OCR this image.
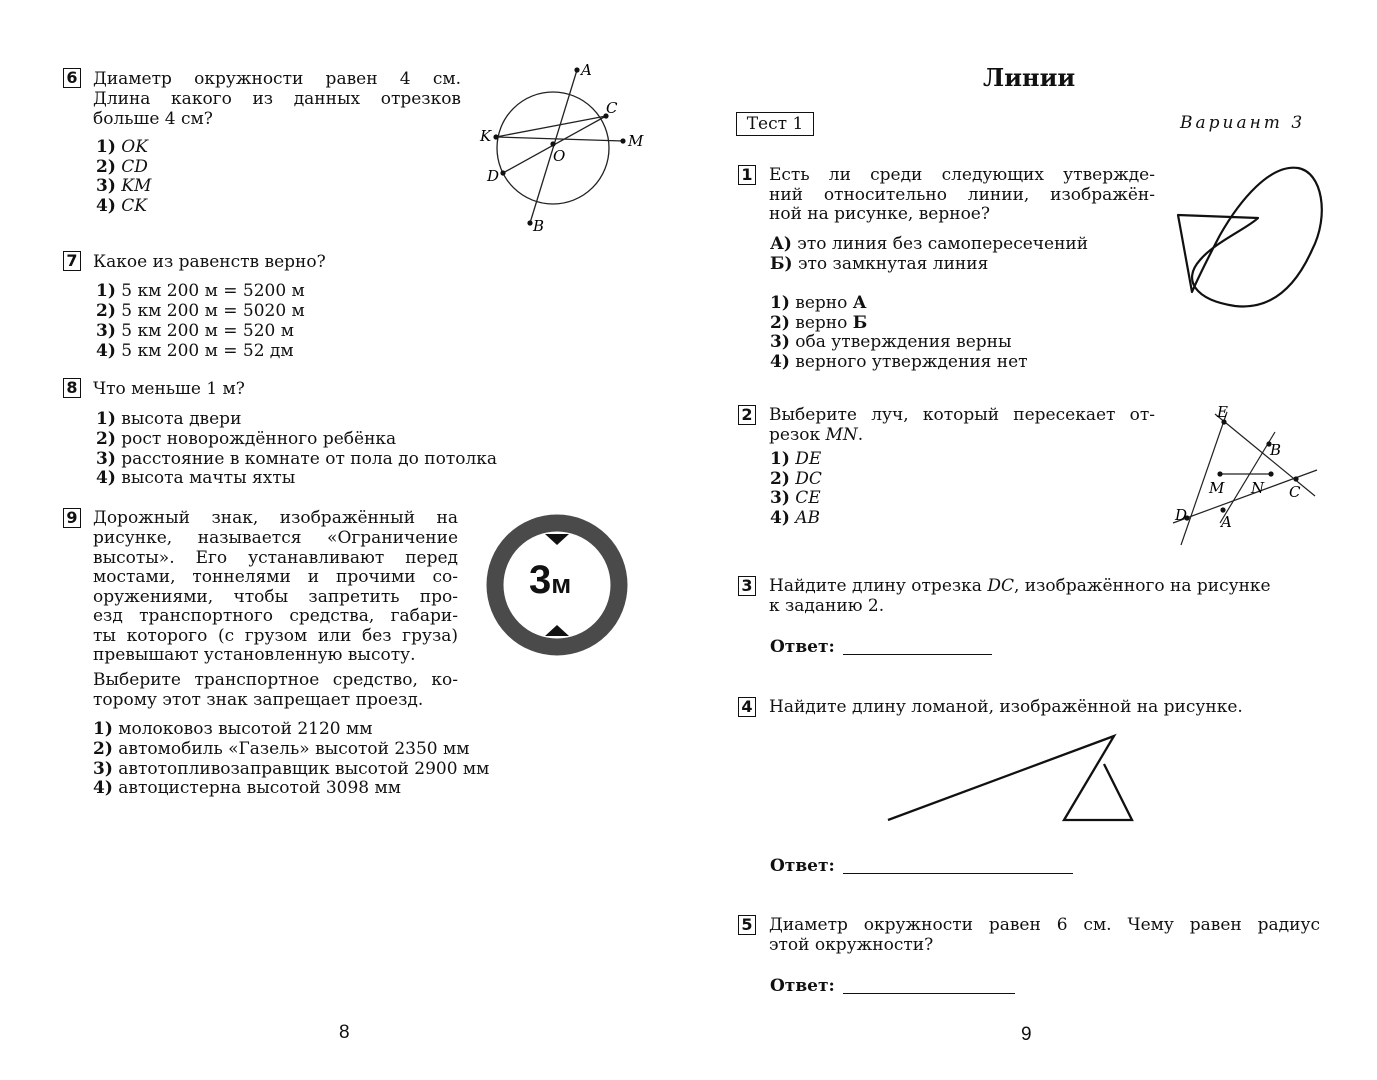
6 Диаметр окружности равен 4 см.
Длина какого из данных отрезков
больше 4 см?
1) OK
2) CD
3) KM
4) CK
A
C
K	M
O
D
B
7 Какое из равенств верно?
1) 5 км 200 м = 5200 м
2) 5 км 200 м = 5020 м
3) 5 км 200 м = 520 м
4) 5 км 200 м = 52 дм
8 Что меньше 1 м?
1) высота двери
2) рост новорождённого ребёнка
3) расстояние в комнате от пола до потолка
4) высота мачты яхты
9 Дорожный знак, изображённый на
рисунке, называется «Ограничение
высоты». Его устанавливают перед
мостами, тоннелями и прочими со-
оружениями, чтобы запретить про-
езд транспортного средства, габари-
ты которого (с грузом или без груза)
превышают установленную высоту.
Выберите транспортное средство, ко-
торому этот знак запрещает проезд.
1) молоковоз высотой 2120 мм
2) автомобиль «Газель» высотой 2350 мм
3) автотопливозаправщик высотой 2900 мм
4) автоцистерна высотой 3098 мм
3м
8
Линии
Тест 1	Вариант 3
1 Есть ли среди следующих утвержде-
ний относительно линии, изображён-
ной на рисунке, верное?
А) это линия без самопересечений
Б) это замкнутая линия
1) верно А
2) верно Б
3) оба утверждения верны
4) верного утверждения нет
2 Выберите луч, который пересекает от-
резок MN.
1) DE
2) DC
3) CE
4) AB
E
B
M N C
D A
3 Найдите длину отрезка DC, изображённого на рисунке
к заданию 2.
Ответ:
4 Найдите длину ломаной, изображённой на рисунке.
Ответ:
5 Диаметр окружности равен 6 см. Чему равен радиус
этой окружности?
Ответ:
9
